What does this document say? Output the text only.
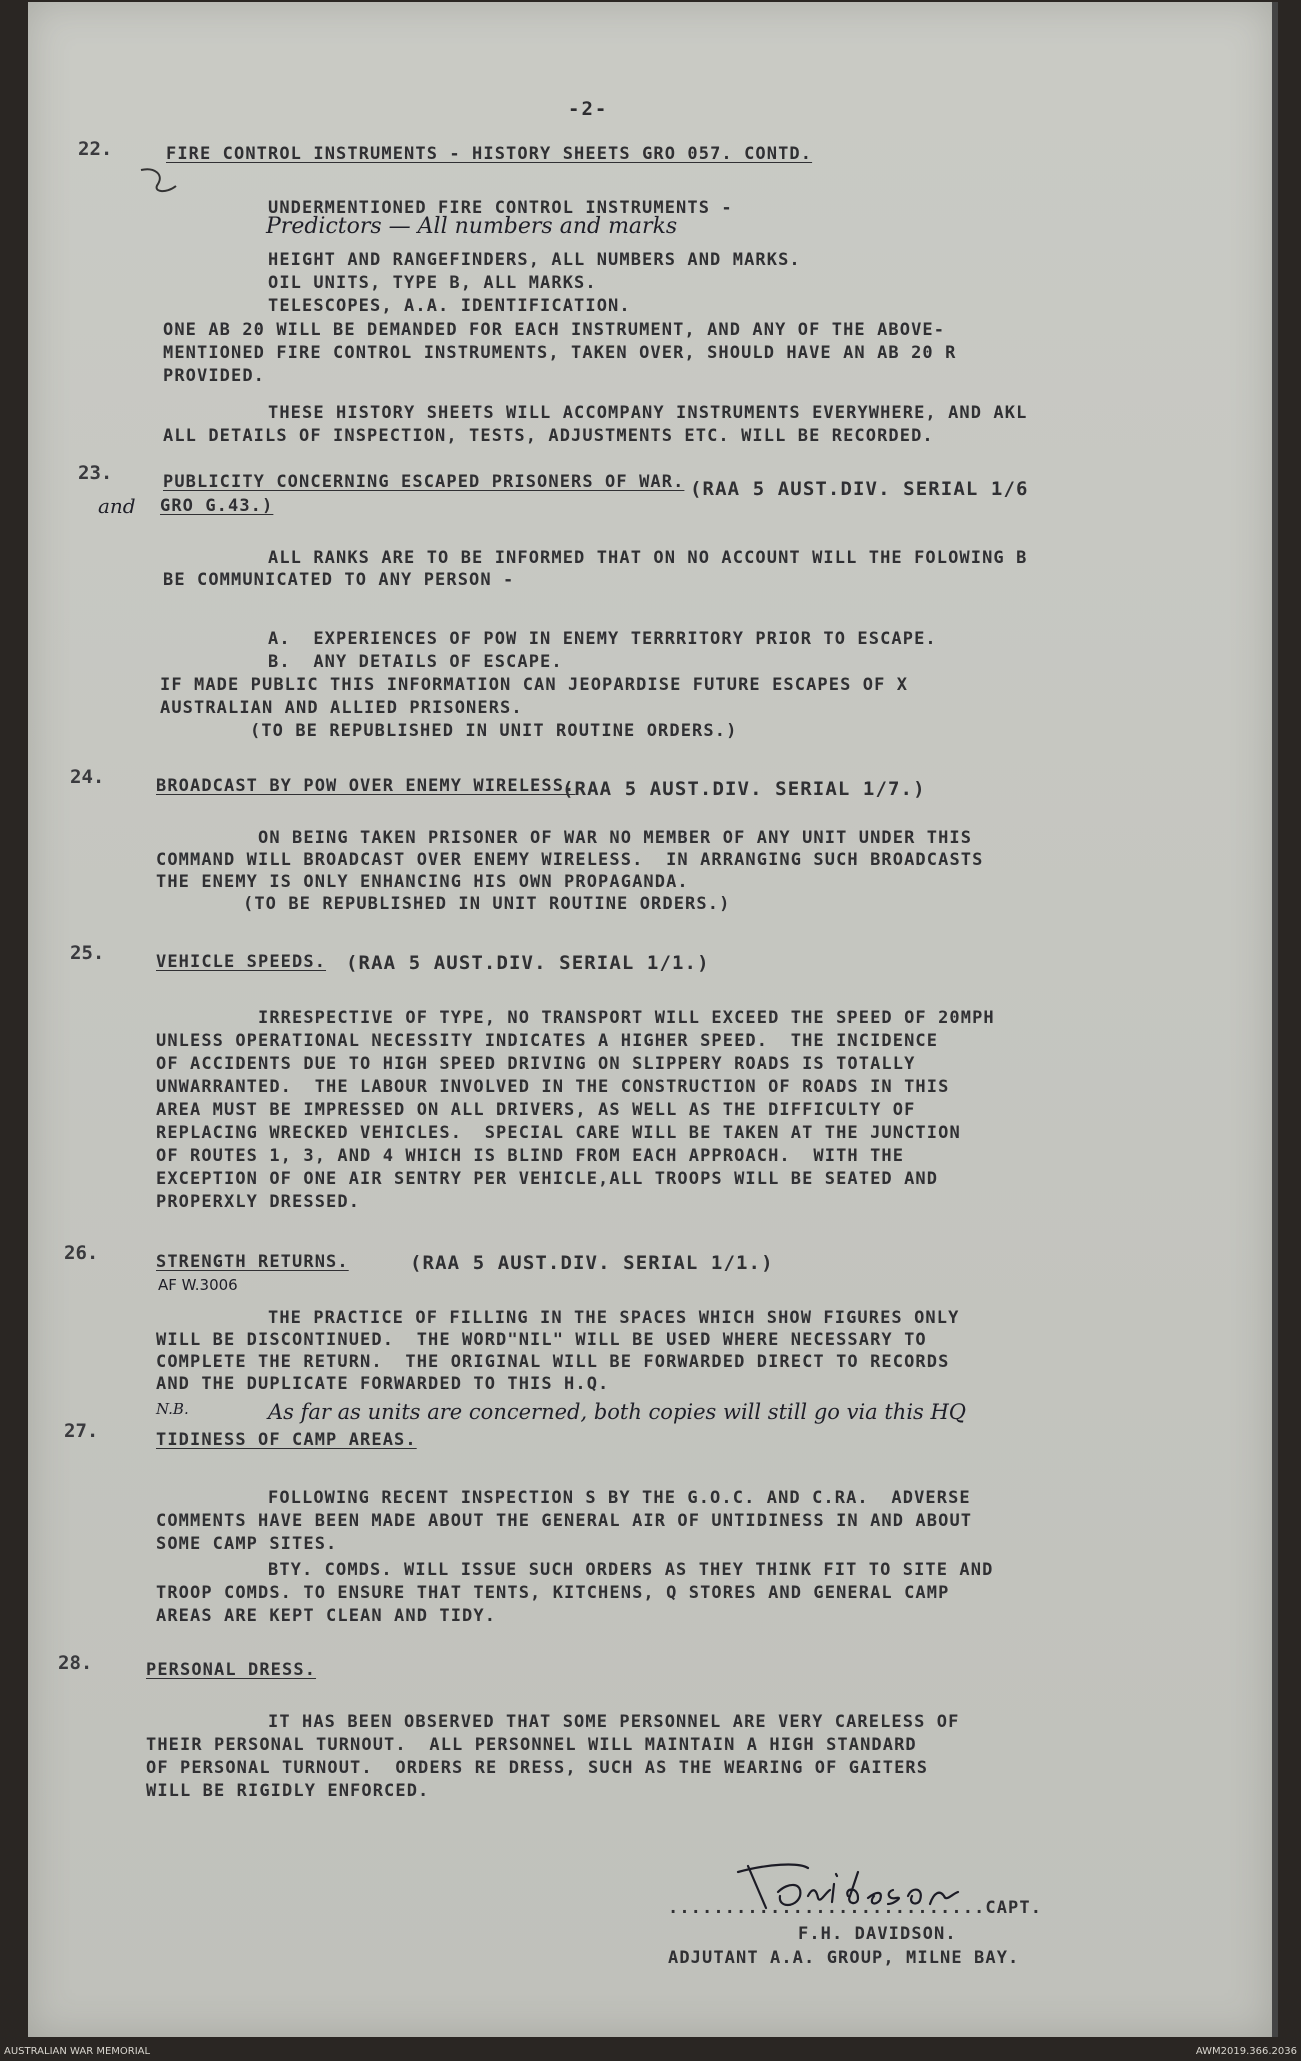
-2-
22.	FIRE CONTROL INSTRUMENTS - HISTORY SHEETS GRO 057. CONTD.
UNDERMENTIONED FIRE CONTROL INSTRUMENTS -
Predictors — All numbers and marks
HEIGHT AND RANGEFINDERS, ALL NUMBERS AND MARKS.
OIL UNITS, TYPE B, ALL MARKS.
TELESCOPES, A.A. IDENTIFICATION.
ONE AB 20 WILL BE DEMANDED FOR EACH INSTRUMENT, AND ANY OF THE ABOVE-
MENTIONED FIRE CONTROL INSTRUMENTS, TAKEN OVER, SHOULD HAVE AN AB 20 R
PROVIDED.
THESE HISTORY SHEETS WILL ACCOMPANY INSTRUMENTS EVERYWHERE, AND AKL
ALL DETAILS OF INSPECTION, TESTS, ADJUSTMENTS ETC. WILL BE RECORDED.
23.	PUBLICITY CONCERNING ESCAPED PRISONERS OF WAR. (RAA 5 AUST.DIV. SERIAL 1/6
and GRO G.43.)
ALL RANKS ARE TO BE INFORMED THAT ON NO ACCOUNT WILL THE FOLOWING B
BE COMMUNICATED TO ANY PERSON -
A.  EXPERIENCES OF POW IN ENEMY TERRRITORY PRIOR TO ESCAPE.
B.  ANY DETAILS OF ESCAPE.
IF MADE PUBLIC THIS INFORMATION CAN JEOPARDISE FUTURE ESCAPES OF X
AUSTRALIAN AND ALLIED PRISONERS.
(TO BE REPUBLISHED IN UNIT ROUTINE ORDERS.)
24.	BROADCAST BY POW OVER ENEMY WIRELESS.
(RAA 5 AUST.DIV. SERIAL 1/7.)
ON BEING TAKEN PRISONER OF WAR NO MEMBER OF ANY UNIT UNDER THIS
COMMAND WILL BROADCAST OVER ENEMY WIRELESS.  IN ARRANGING SUCH BROADCASTS
THE ENEMY IS ONLY ENHANCING HIS OWN PROPAGANDA.
(TO BE REPUBLISHED IN UNIT ROUTINE ORDERS.)
25.	VEHICLE SPEEDS. (RAA 5 AUST.DIV. SERIAL 1/1.)
IRRESPECTIVE OF TYPE, NO TRANSPORT WILL EXCEED THE SPEED OF 20MPH
UNLESS OPERATIONAL NECESSITY INDICATES A HIGHER SPEED.  THE INCIDENCE
OF ACCIDENTS DUE TO HIGH SPEED DRIVING ON SLIPPERY ROADS IS TOTALLY
UNWARRANTED.  THE LABOUR INVOLVED IN THE CONSTRUCTION OF ROADS IN THIS
AREA MUST BE IMPRESSED ON ALL DRIVERS, AS WELL AS THE DIFFICULTY OF
REPLACING WRECKED VEHICLES.  SPECIAL CARE WILL BE TAKEN AT THE JUNCTION
OF ROUTES 1, 3, AND 4 WHICH IS BLIND FROM EACH APPROACH.  WITH THE
EXCEPTION OF ONE AIR SENTRY PER VEHICLE,ALL TROOPS WILL BE SEATED AND
PROPERXLY DRESSED.
26.	STRENGTH RETURNS.	(RAA 5 AUST.DIV. SERIAL 1/1.)
AF W.3006
THE PRACTICE OF FILLING IN THE SPACES WHICH SHOW FIGURES ONLY
WILL BE DISCONTINUED.  THE WORD"NIL" WILL BE USED WHERE NECESSARY TO
COMPLETE THE RETURN.  THE ORIGINAL WILL BE FORWARDED DIRECT TO RECORDS
AND THE DUPLICATE FORWARDED TO THIS H.Q.
N.B.	As far as units are concerned, both copies will still go via this HQ
27.	TIDINESS OF CAMP AREAS.
FOLLOWING RECENT INSPECTION S BY THE G.O.C. AND C.RA.  ADVERSE
COMMENTS HAVE BEEN MADE ABOUT THE GENERAL AIR OF UNTIDINESS IN AND ABOUT
SOME CAMP SITES.
BTY. COMDS. WILL ISSUE SUCH ORDERS AS THEY THINK FIT TO SITE AND
TROOP COMDS. TO ENSURE THAT TENTS, KITCHENS, Q STORES AND GENERAL CAMP
AREAS ARE KEPT CLEAN AND TIDY.
28.	PERSONAL DRESS.
IT HAS BEEN OBSERVED THAT SOME PERSONNEL ARE VERY CARELESS OF
THEIR PERSONAL TURNOUT.  ALL PERSONNEL WILL MAINTAIN A HIGH STANDARD
OF PERSONAL TURNOUT.  ORDERS RE DRESS, SUCH AS THE WEARING OF GAITERS
WILL BE RIGIDLY ENFORCED.
............................CAPT.
F.H. DAVIDSON.
ADJUTANT A.A. GROUP, MILNE BAY.
AUSTRALIAN WAR MEMORIAL	AWM2019.366.2036
